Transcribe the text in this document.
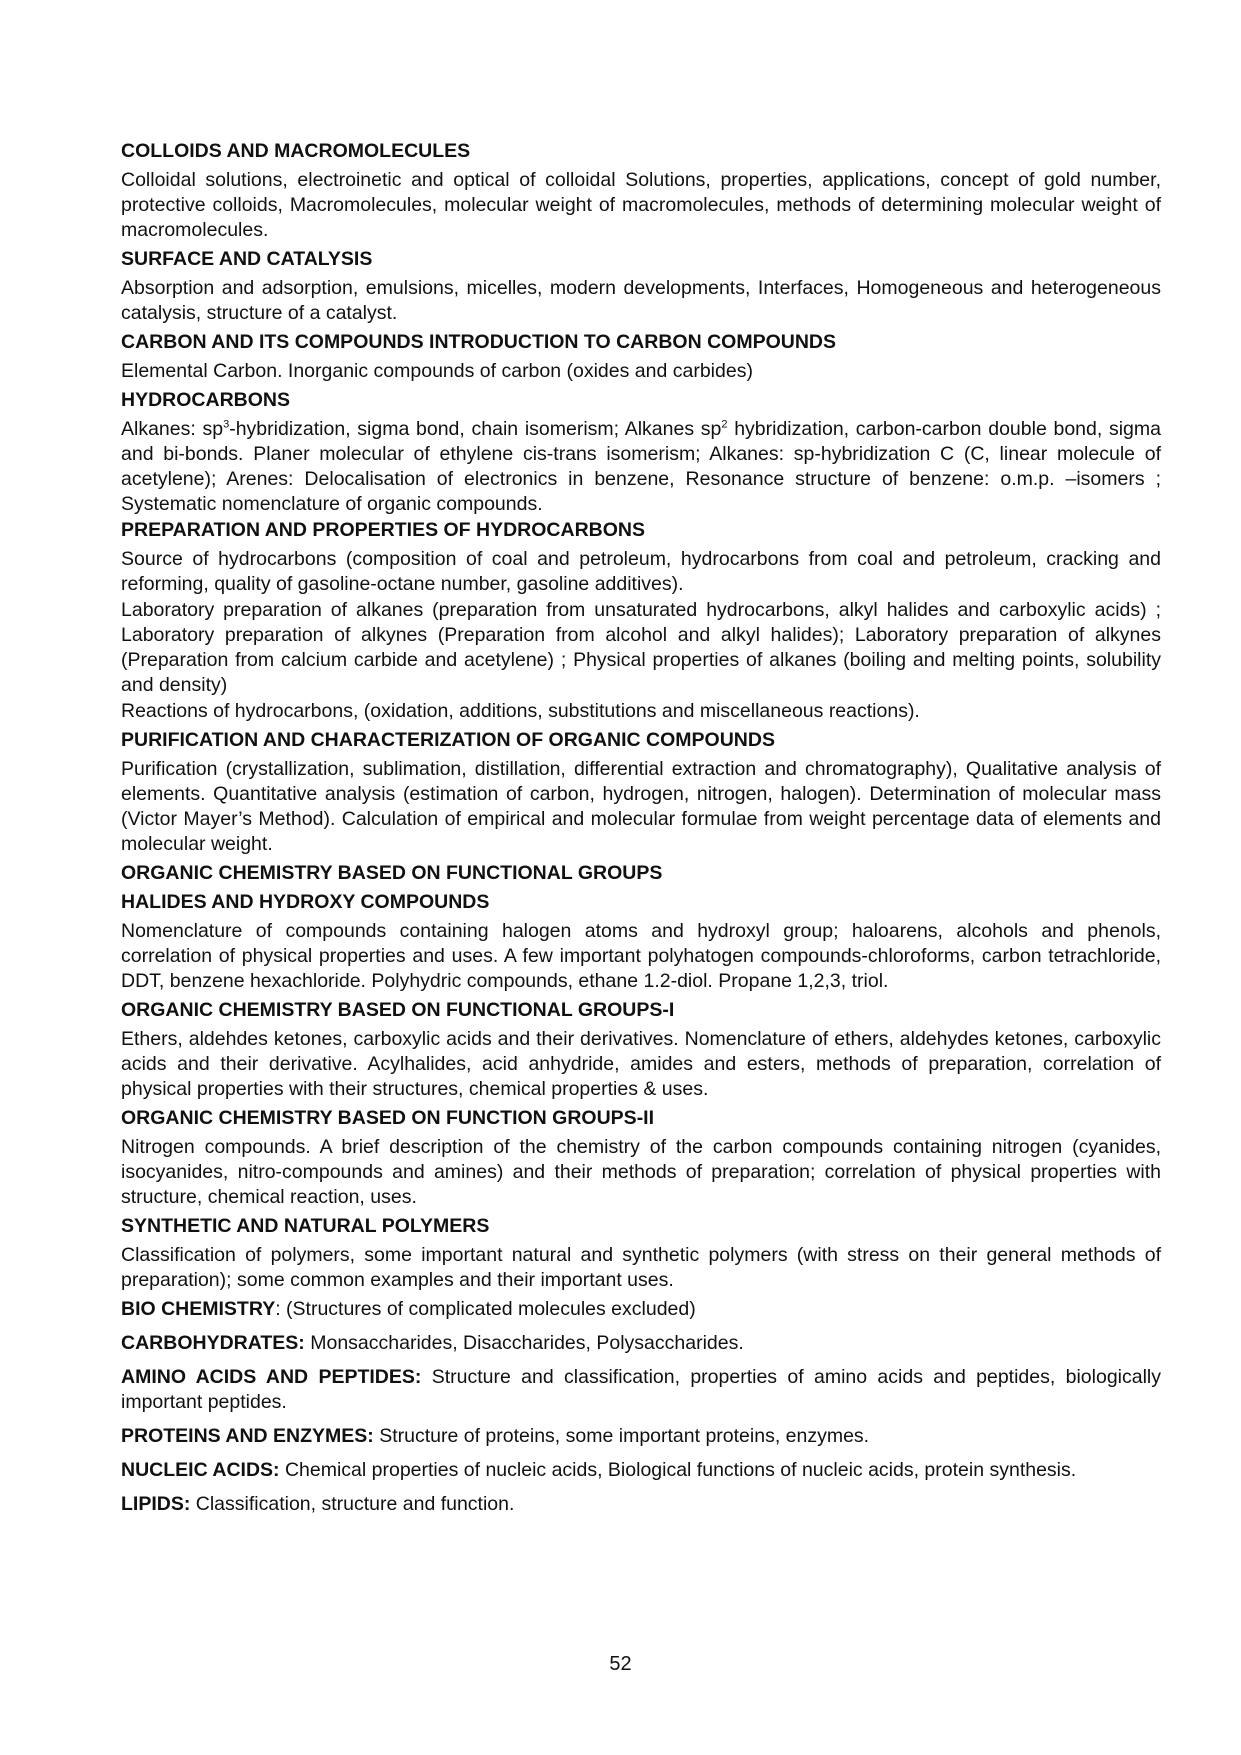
COLLOIDS AND MACROMOLECULES
Colloidal solutions, electroinetic and optical of colloidal Solutions, properties, applications, concept of gold number, protective colloids, Macromolecules, molecular weight of macromolecules, methods of determining molecular weight of macromolecules.
SURFACE AND CATALYSIS
Absorption and adsorption, emulsions, micelles, modern developments, Interfaces, Homogeneous and heterogeneous catalysis, structure of a catalyst.
CARBON AND ITS COMPOUNDS INTRODUCTION TO CARBON COMPOUNDS
Elemental Carbon. Inorganic compounds of carbon (oxides and carbides)
HYDROCARBONS
Alkanes: $sp^3$-hybridization, sigma bond, chain isomerism; Alkanes $sp^2$ hybridization, carbon-carbon double bond, sigma and bi-bonds. Planer molecular of ethylene cis-trans isomerism; Alkanes: sp-hybridization C (C, linear molecule of acetylene); Arenes: Delocalisation of electronics in benzene, Resonance structure of benzene: o.m.p. –isomers ; Systematic nomenclature of organic compounds.
PREPARATION AND PROPERTIES OF HYDROCARBONS
Source of hydrocarbons (composition of coal and petroleum, hydrocarbons from coal and petroleum, cracking and reforming, quality of gasoline-octane number, gasoline additives).
Laboratory preparation of alkanes (preparation from unsaturated hydrocarbons, alkyl halides and carboxylic acids) ; Laboratory preparation of alkynes (Preparation from alcohol and alkyl halides); Laboratory preparation of alkynes (Preparation from calcium carbide and acetylene) ; Physical properties of alkanes (boiling and melting points, solubility and density)
Reactions of hydrocarbons, (oxidation, additions, substitutions and miscellaneous reactions).
PURIFICATION AND CHARACTERIZATION OF ORGANIC COMPOUNDS
Purification (crystallization, sublimation, distillation, differential extraction and chromatography), Qualitative analysis of elements. Quantitative analysis (estimation of carbon, hydrogen, nitrogen, halogen). Determination of molecular mass (Victor Mayer’s Method). Calculation of empirical and molecular formulae from weight percentage data of elements and molecular weight.
ORGANIC CHEMISTRY BASED ON FUNCTIONAL GROUPS
HALIDES AND HYDROXY COMPOUNDS
Nomenclature of compounds containing halogen atoms and hydroxyl group; haloarens, alcohols and phenols, correlation of physical properties and uses. A few important polyhatogen compounds-chloroforms, carbon tetrachloride, DDT, benzene hexachloride. Polyhydric compounds, ethane 1.2-diol. Propane 1,2,3, triol.
ORGANIC CHEMISTRY BASED ON FUNCTIONAL GROUPS-I
Ethers, aldehdes ketones, carboxylic acids and their derivatives. Nomenclature of ethers, aldehydes ketones, carboxylic acids and their derivative. Acylhalides, acid anhydride, amides and esters, methods of preparation, correlation of physical properties with their structures, chemical properties & uses.
ORGANIC CHEMISTRY BASED ON FUNCTION GROUPS-II
Nitrogen compounds. A brief description of the chemistry of the carbon compounds containing nitrogen (cyanides, isocyanides, nitro-compounds and amines) and their methods of preparation; correlation of physical properties with structure, chemical reaction, uses.
SYNTHETIC AND NATURAL POLYMERS
Classification of polymers, some important natural and synthetic polymers (with stress on their general methods of preparation); some common examples and their important uses.
BIO CHEMISTRY: (Structures of complicated molecules excluded)
CARBOHYDRATES: Monsaccharides, Disaccharides, Polysaccharides.
AMINO ACIDS AND PEPTIDES: Structure and classification, properties of amino acids and peptides, biologically important peptides.
PROTEINS AND ENZYMES: Structure of proteins, some important proteins, enzymes.
NUCLEIC ACIDS: Chemical properties of nucleic acids, Biological functions of nucleic acids, protein synthesis.
LIPIDS: Classification, structure and function.
52
